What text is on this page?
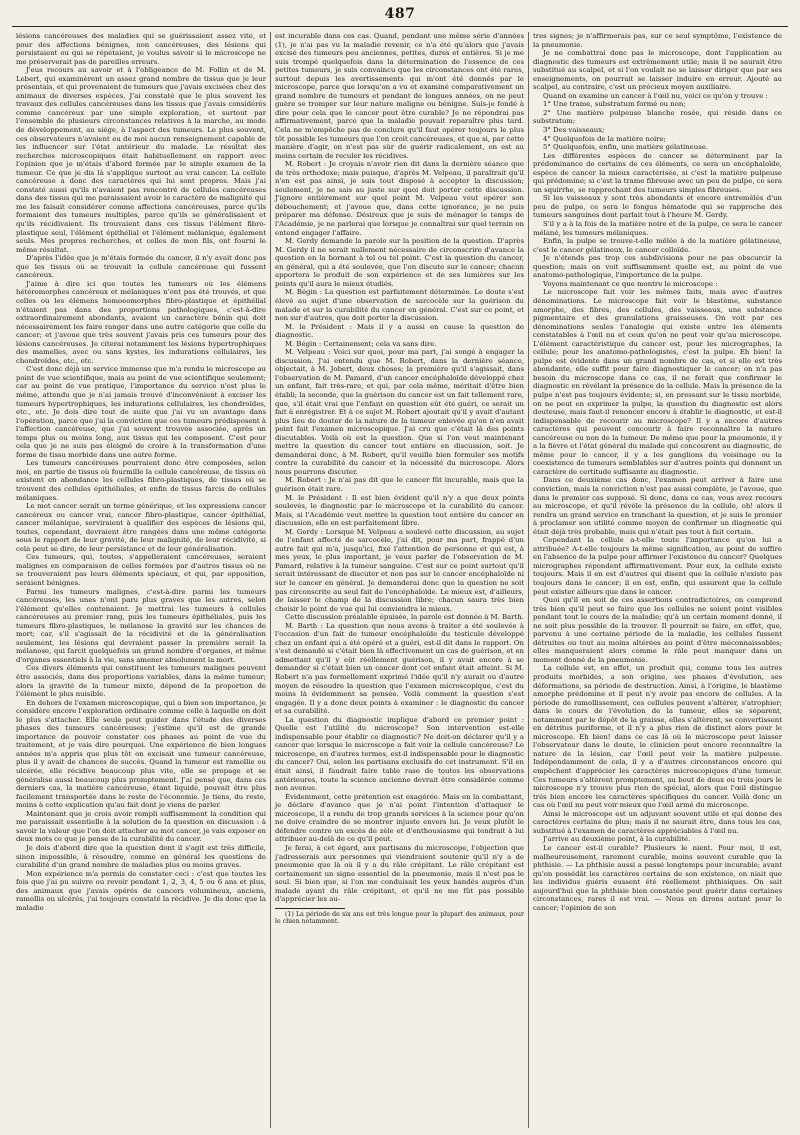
487

lésions cancéreuses des maladies qui se guérissaient assez vite, et pour des affections bénignes, non cancéreuses, des lésions qui persistaient ou qui se répétaient, je voulus savoir si le microscope ne me préserverait pas de pareilles erreurs.

J'eus recours au savoir et à l'obligeance de M. Follin et de M. Lebert, qui examinèrent un assez grand nombre de tissus que je leur présentais, et qui provenaient de tumeurs que j'avais excisées chez des animaux de diverses espèces. J'ai constaté que le plus souvent les travaux des cellules cancéreuses dans les tissus que j'avais considérés comme cancéreux par une simple exploration, et surtout par l'ensemble de plusieurs circonstances relatives à la marche, au mode de développement, au siége, à l'aspect des tumeurs. Le plus souvent, ces observateurs n'avaient eu de moi aucun renseignement capable de les influencer sur l'état antérieur du malade. Le résultat des recherches microscopiques était habituellement en rapport avec l'opinion que je m'étais d'abord formée par le simple examen de la tumeur. Ce que je dis là s'applique surtout au vrai cancer. La cellule cancéreuse a donc des caractères qui lui sont propres. Mais j'ai constaté aussi qu'ils n'avaient pas rencontré de cellules cancéreuses dans des tissus qui me paraissaient avoir le caractère de malignité qui me les faisait considérer comme affections cancéreuses, parce qu'ils formaient des tumeurs multiples, parce qu'ils se généralisaient et qu'ils récidivaient. Ils trouvaient dans ces tissus l'élément fibro-plastique seul, l'élément épithélial et l'élément mélanique, également seuls. Mes propres recherches, et celles de mon fils, ont fourni le même résultat.

D'après l'idée que je m'étais formée du cancer, il n'y avait donc pas que les tissus où se trouvait la cellule cancéreuse qui fussent cancéreux.

J'aime à dire ici que toutes les tumeurs où les élémens hétéromorphes cancéreux et mélaniques n'ont pas été trouvés, et que celles où les élémens homoeomorphes fibro-plastique et épithélial n'étaient pas dans des proportions pathologiques, c'est-à-dire extraordinairement abondants, avaient un caractère bénin qui doit nécessairement les faire ranger dans une autre catégorie que celle du cancer; et j'avoue que très souvent j'avais pris ces tumeurs pour des lésions cancéreuses. Je citerai notamment les lésions hypertrophiques des mamelles, avec ou sans kystes, les indurations cellulaires, les chondroïdes, etc., etc.

C'est donc déjà un service immense que m'a rendu le microscope au point de vue scientifique, mais au point de vue scientifique seulement; car au point de vue pratique, l'importance du service n'est plus le même, attendu que je n'ai jamais trouvé d'inconvénient à exciser les tumeurs hypertrophiques, les indurations cellulaires, les chondroïdes, etc., etc. Je dois dire tout de suite que j'ai vu un avantage dans l'opération, parce que j'ai la conviction que ces tumeurs prédisposent à l'affection cancéreuse, que j'ai souvent trouvée associée, après un temps plus ou moins long, aux tissus qui les composent. C'est pour cela que je ne suis pas éloigné de croire à la transformation d'une forme de tissu morbide dans une autre forme.

Les tumeurs cancéreuses pourraient donc être composées, selon moi, en partie de tissus où fourmille la cellule cancéreuse, de tissus où existent en abondance les cellules fibro-plastiques, de tissus où se trouvent des cellules épithéliales, et enfin de tissus farcis de cellules mélaniques.

Le mot cancer serait un terme générique, et les expressions cancer cancéreux ou cancer vrai, cancer fibro-plastique, cancer épithélial, cancer mélanique, serviraient à qualifier des espèces de lésions qui, toutes, cependant, devraient être rangées dans une même catégorie sous le rapport de leur gravité, de leur malignité, de leur récidivité, si cela peut se dire, de leur persistance et de leur généralisation.

Ces tumeurs, qui, toutes, s'appelleraient cancéreuses, seraient malignes en comparaison de celles formées par d'autres tissus où ne se trouveraient pas leurs éléments spéciaux, et qui, par opposition, seraient bénignes.

Parmi les tumeurs malignes, c'est-à-dire parmi les tumeurs cancéreuses, les unes n'ont paru plus graves que les autres, selon l'élément qu'elles contenaient. Je mettrai les tumeurs à cellules cancéreuses au premier rang, puis les tumeurs épithéliales, puis les tumeurs fibro-plastiques, le mélanose la gravité sur les chances de mort; car, s'il s'agissait de la récidivité et de la généralisation seulement, les lésions qui devraient passer la première serait la mélanose, qui farcit quelquefois un grand nombre d'organes, et même d'organes essentiels à la vie, sans amener absolument la mort.

Ces divers éléments qui constituent les tumeurs malignes peuvent être associés, dans des proportions variables, dans la même tumeur; alors la gravité de la tumeur mixte, dépend de la proportion de l'élément le plus nuisible.

En dehors de l'examen microscopique, qui a bien son importance, je considère encore l'exploration ordinaire comme celle à laquelle on doit le plus s'attacher. Elle seule peut guider dans l'étude des diverses phases des tumeurs cancéreuses; j'estime qu'il est de grande importance de pouvoir constater ces phases au point de vue du traitement, et je vais dire pourquoi. Une expérience de bien longues années m'a appris que plus tôt on excisait une tumeur cancéreuse, plus il y avait de chances de succès. Quand la tumeur est ramollie ou ulcérée, elle récidive beaucoup plus vite, elle se propage et se généralise aussi beaucoup plus promptement. J'ai pensé que, dans ces derniers cas, la matière cancéreuse, étant liquide, pouvait être plus facilement transportée dans le reste de l'économie. Je tiens, du reste, moins à cette explication qu'au fait dont je viens de parler.

Maintenant que je crois avoir rempli suffisamment la condition qui me paraissait essentielle à la solution de la question en discussion : à savoir la valeur que l'on doit attacher au mot cancer, je vais exposer en deux mots ce que je pense de la curabilité du cancer.

Je dois d'abord dire que la question dont il s'agit est très difficile, sinon impossible, à résoudre, comme en général les questions de curabilité d'un grand nombre de maladies plus ou moins graves.

Mon expérience m'a permis de constater ceci : c'est que toutes les fois que j'ai pu suivre ou revoir pendant 1, 2, 3, 4, 5 ou 6 ans et plus, des animaux que j'avais opérés de cancers volumineux, anciens, ramollis ou ulcérés, j'ai toujours constaté la récidive. Je dis donc que la maladie

est incurable dans ces cas. Quand, pendant une même série d'années (1), je n'ai pas vu la maladie revenir, ce n'a été qu'alors que j'avais excisé des tumeurs peu anciennes, petites, dures et entières. Si je me suis trompé quelquefois dans la détermination de l'essence de ces petites tumeurs, je suis convaincu que les circonstances ont été rares, surtout depuis les avertissements qui m'ont été donnés par le microscope, parce que lorsqu'on a vu et examiné comparativement un grand nombre de tumeurs et pendant de longues années, on ne peut guère se tromper sur leur nature maligne ou bénigne. Suis-je fondé à dire pour cela que le cancer peut être curable? Je ne répondrai pas affirmativement, parce que la maladie pouvait reparaître plus tard. Cela ne m'empêche pas de conclure qu'il faut opérer toujours le plus tôt possible les tumeurs que l'on croit cancéreuses, et que si, par cette manière d'agir, on n'est pas sûr de guérir radicalement, on est au moins certain de reculer les récidives.

M. Robert : Je croyais n'avoir rien dit dans la dernière séance que de très orthodoxe; mais puisque, d'après M. Velpeau, il paraîtrait qu'il n'en est pas ainsi, je suis tout disposé à accepter la discussion; seulement, je ne sais au juste sur quoi doit porter cette discussion. J'ignore entièrement sur quel point M. Velpeau veut opérer son débouchement; et j'avoue que, dans cette ignorance, je ne puis préparer ma défense. Désireux que je suis de ménager le temps de l'Académie, je ne parlerai que lorsque je connaîtrai sur quel terrain on entend engager l'affaire.

M. Gerdy demande la parole sur la position de la question. D'après M. Gerdy il ne serait nullement nécessaire de circonscrire d'avance la question en la bornant à tel ou tel point. C'est la question du cancer, en général, qui a été soulevée, que l'on discute sur le cancer; chacun apportera le produit de son expérience et de ses lumières sur les points qu'il aura le mieux étudiés.

M. Bégin : La question est parfaitement déterminée. Le doute s'est élevé au sujet d'une observation de sarcocèle sur la guérison du malade et sur la curabilité du cancer en général. C'est sur ce point, et non sur d'autres, que doit porter la discussion.

M. le Président : Mais il y a aussi en cause la question de diagnostic.

M. Bégin : Certainement; cela va sans dire.

M. Velpeau : Voici sur quoi, pour ma part, j'ai songé à engager la discussion. J'ai entendu que M. Robert, dans la dernière séance, objectait, à M. Jobert, deux choses; la première qu'il s'agissait, dans l'observation de M. Pamard, d'un cancer encéphaloïde développé chez un enfant, fait très-rare, et qui, par cela même, méritait d'être bien établi; la seconde, que la guérison du cancer est un fait tellement rare, que, s'il était vrai que l'enfant en question eût été guéri, ce serait un fait à enrégistrer. Et à ce sujet M. Robert ajoutait qu'il y avait d'autant plus lieu de douter de la nature de la tumeur enlevée qu'on n'en avait point fait l'examen microscopique. J'ai cru que c'était là des points discutables. Voilà où est la question. Que si l'on veut maintenant mettre la question du cancer tout entière en discussion, soit. Je demanderai donc, à M. Robert, qu'il veuille bien formuler ses motifs contre la curabilité du cancer et la nécessité du microscope. Alors nous pourrons discuter.

M. Robert : Je n'ai pas dit que le cancer fût incurable, mais que la guérison était rare.

M. le Président : Il est bien évident qu'il n'y a que deux points soulevés, le diagnostic par le microscope et la curabilité du cancer. Mais, si l'Académie veut mettre la question tout entière du cancer en discussion, elle en est parfaitement libre.

M. Gerdy : Lorsque M. Velpeau a soulevé cette discussion, au sujet de l'enfant affecté de sarcocèle, j'ai dit, pour ma part, frappé d'un autre fait qui m'a, jusqu'ici, fixé l'attention de personne et qui est, à mes yeux, le plus important, je veux parler de l'observation de M. Pamard, relative à la tumeur sanguine. C'est sur ce point surtout qu'il serait intéressant de discuter et non pas sur le cancer encéphaloïde ni sur le cancer en général. Je demanderai donc que la question ne soit pas circonscrite au seul fait de l'encéphaloïde. Le mieux est, d'ailleurs, de laisser le champ de la discussion libre; chacun saura très bien choisir le point de vue qui lui conviendra le mieux.

Cette discussion préalable épuisée, la parole est donnée à M. Barth.

M. Barth : La question que nous avons à traiter a été soulevée à l'occasion d'un fait de tumeur encéphaloïde du testicule développé chez un enfant qui a été opéré et a guéri, est-il dit dans le rapport. On s'est demandé si c'était bien là effectivement un cas de guérison, et en admettant qu'il y eût réellement guérison, il y avait encore à se demander si c'était bien un cancer dont cet enfant était atteint. Si M. Robert n'a pas formellement exprimé l'idée qu'il n'y aurait ou d'autre moyen de résoudre la question que l'examen microscopique, c'est du moins là évidemment sa pensée. Voilà comment la question s'est engagée. Il y a donc deux points à examiner : le diagnostic du cancer et sa curabilité.

La question du diagnostic implique d'abord ce premier point : Quelle est l'utilité du microscope? Son intervention est-elle indispensable pour établir ce diagnostic? Ne doit-on déclarer qu'il y a cancer que lorsque le microscope a fait voir la cellule cancéreuse? Le microscope, en d'autres termes, est-il indispensable pour le diagnostic du cancer? Oui, selon les partisans exclusifs de cet instrument. S'il en était ainsi, il faudrait faire table rase de toutes les observations antérieures, toute la science ancienne devrait être considérée comme non avenue.

Évidemment, cette prétention est exagérée. Mais en la combattant, je déclare d'avance que je n'ai point l'intention d'attaquer le microscope, il a rendu de trop grands services à la science pour qu'on ne doive craindre de se montrer injuste envers lui. Je veux plutôt le défendre contre un excès de zèle et d'enthousiasme qui tendrait à lui attribuer au-delà de ce qu'il peut.

Je ferai, à cet égard, aux partisans du microscope, l'objection que j'adresserais aux personnes qui viendraient soutenir qu'il n'y a de pneumonie que là où il y a du râle crépitant. Le râle crépitant est certainement un signe essentiel de la pneumonie, mais il n'est pas le seul. Si bien que, si l'on me conduisait les yeux bandés auprès d'un malade ayant du râle crépitant, et qu'il ne me fût pas possible d'apprécier les au-

(1) La période de six ans est très longue pour la plupart des animaux, pour le chien notamment.

tres signes; je n'affirmerais pas, sur ce seul symptôme, l'existence de la pneumonie.

Je ne combattrai donc pas le microscope, dont l'application au diagnostic des tumeurs est extrêmement utile; mais il ne saurait être substitué au scalpel, et si l'on voulait ne se laisser diriger que par ses enseignements, on pourrait se laisser induire en erreur. Ajouté au scalpel, au contraire, c'est un précieux moyen auxiliaire.

Quand on examine un cancer à l'œil nu, voici ce qu'on y trouve :

1° Une trame, substratum formé ou non;

2° Une matière pulpeuse blanche rosée, qui réside dans ce substratum;

3° Des vaisseaux;

4° Quelquefois de la matière noire;

5° Quelquefois, enfin, une matière gélatineuse.

Les différentes espèces de cancer se déterminent par la prédominance de certains de ces éléments, ce sera un encéphaloïde, espèce de cancer la mieux caractérisée, si c'est la matière pulpeuse qui prédomine; si c'est la trame fibreuse avec un peu de pulpe, ce sera un squirrhe, se rapprochant des tumeurs simples fibreuses.

Si les vaisseaux y sont très abondants et encore entremêlés d'un peu de pulpe, ce sera le fongus hématode qui se rapproche des tumeurs sanguines dont parlait tout à l'heure M. Gerdy.

S'il y a à la fois de la matière noire et de la pulpe, ce sera le cancer mélané, les tumeurs mélaniques.

Enfin, la pulpe se trouve-t-elle mêlée à de la matière gélatineuse, c'est le cancer gélatineux, le cancer colloïde.

Je n'étends pas trop ces subdivisions pour ne pas obscurcir la question; mais on voit suffisamment quelle est, au point de vue anatomo-pathologique, l'importance de la pulpe.

Voyons maintenant ce que montre le microscope :

Le microscope fait voir les mêmes faits, mais avec d'autres dénominations. Le microscope fait voir le blastème, substance amorphe, des fibres, des cellules, des vaisseaux, une substance pigmentaire et des granulations graisseuses. On voit par ces dénominations seules l'analogie qui existe entre les éléments constatables à l'œil nu et ceux qu'on ne peut voir qu'au microscope. L'élément caractéristique du cancer est, pour les micrographes, la cellule; pour les anatomo-pathologistes, c'est la pulpe. Eh bien! la pulpe est évidente dans un grand nombre de cas, et si elle est très abondante, elle suffit pour faire diagnostiquer le cancer; on n'a pas besoin du microscope dans ce cas, il ne ferait que confirmer le diagnostic en révélant la présence de la cellule. Mais la présence de la pulpe n'est pas toujours évidente; si, en pressant sur le tissu morbide, on ne peut en exprimer la pulpe, la question du diagnostic est alors douteuse, mais faut-il renoncer encore à établir le diagnostic, et est-il indispensable de recourir au microscope? Il y a encore d'autres caractères qui peuvent concourir à faire reconnaître la nature cancéreuse ou non de la tumeur. De même que pour la pneumonie, il y a la fièvre et l'état général du malade qui concourent au diagnostic, de même pour le cancer, il y a les ganglions du voisinage ou la coexistence de tumeurs semblables sur d'autres points qui donnent un caractère de certitude suffisante au diagnostic.

Dans ce deuxième cas donc, l'examen peut arriver à faire une conviction, mais la conviction n'est pas aussi complète, je l'avoue, que dans le premier cas supposé. Si donc, dans ce cas, vous avez recours au microscope, et qu'il révèle la présence de la cellule, oh! alors il rendra un grand service en tranchant la question, et je suis le premier à proclamer son utilité comme moyen de confirmer un diagnostic qui était déjà très probable, mais qui n'était pas tout à fait certain.

Cependant la cellule a-t-elle toute l'importance qu'on lui a attribuée? A-t-elle toujours la même signification, au point de suffire en l'absence de la pulpe pour affirmer l'existence du cancer? Quelques micrographes répondent affirmativement. Pour eux, la cellule existe toujours. Mais il en est d'autres qui disent que la cellule n'existe pas toujours dans le cancer; il en est, enfin, qui assurent que la cellule peut exister ailleurs que dans le cancer.

Quoi qu'il en soit de ces assertions contradictoires, on comprend très bien qu'il peut se faire que les cellules ne soient point visibles pendant tout le cours de la maladie; qu'à un certain moment donné, il ne soit plus possible de la trouver. Il pourrait se faire, en effet, que, parvenu à une certaine période de la maladie, les cellules fussent détruites ou tout au moins altérées au point d'être méconnaissables; elles manqueraient alors comme le râle peut manquer dans un moment donné de la pneumonie.

La cellule est, en effet, un produit qui, comme tous les autres produits morbides, a son origine, ses phases d'évolution, ses déformations, sa période de destruction. Ainsi, à l'origine, le blastème amorphe prédomine et il peut n'y avoir pas encore de cellules. A la période de ramollissement, ces cellules peuvent s'altérer, s'atrophier; dans le cours de l'évolution de la tumeur, elles se séparent, notamment par le dépôt de la graisse, elles s'altèrent, se convertissent en détritus puriforme, et il n'y a plus rien de distinct alors pour le microscope. Eh bien! dans ce cas là où le microscope peut laisser l'observateur dans le doute, le clinicien peut encore reconnaître la nature de la lésion, car l'œil peut voir la matière pulpeuse. Indépendamment de cela, il y a d'autres circonstances encore qui empêchent d'apprécier les caractères microscopiques d'une tumeur. Ces tumeurs s'altèrent promptement, au bout de deux ou trois jours le microscope n'y trouve plus rien de spécial, alors que l'œil distingue très bien encore les caractères spécifiques du cancer. Voilà donc un cas où l'œil nu peut voir mieux que l'œil armé du microscope.

Ainsi le microscope est un adjuvant souvent utile et qui donne des caractères certains de plus; mais il ne saurait être, dans tous les cas, substitué à l'examen de caractères appréciables à l'œil nu.

J'arrive au deuxième point, à la curabilité.

Le cancer est-il curable? Plusieurs le nient. Pour moi, il est, malheureusement, rarement curable, moins souvent curable que la phthisie. — La phthisie aussi a passé longtemps pour incurable; avant qu'on possédât les caractères certains de son existence, on niait que les individus guéris eussent été réellement phthisiques. On sait aujourd'hui que la phthisie bien constatée peut guérir dans certaines circonstances, rares il est vrai. — Nous en dirons autant pour le cancer; l'opinion de son
